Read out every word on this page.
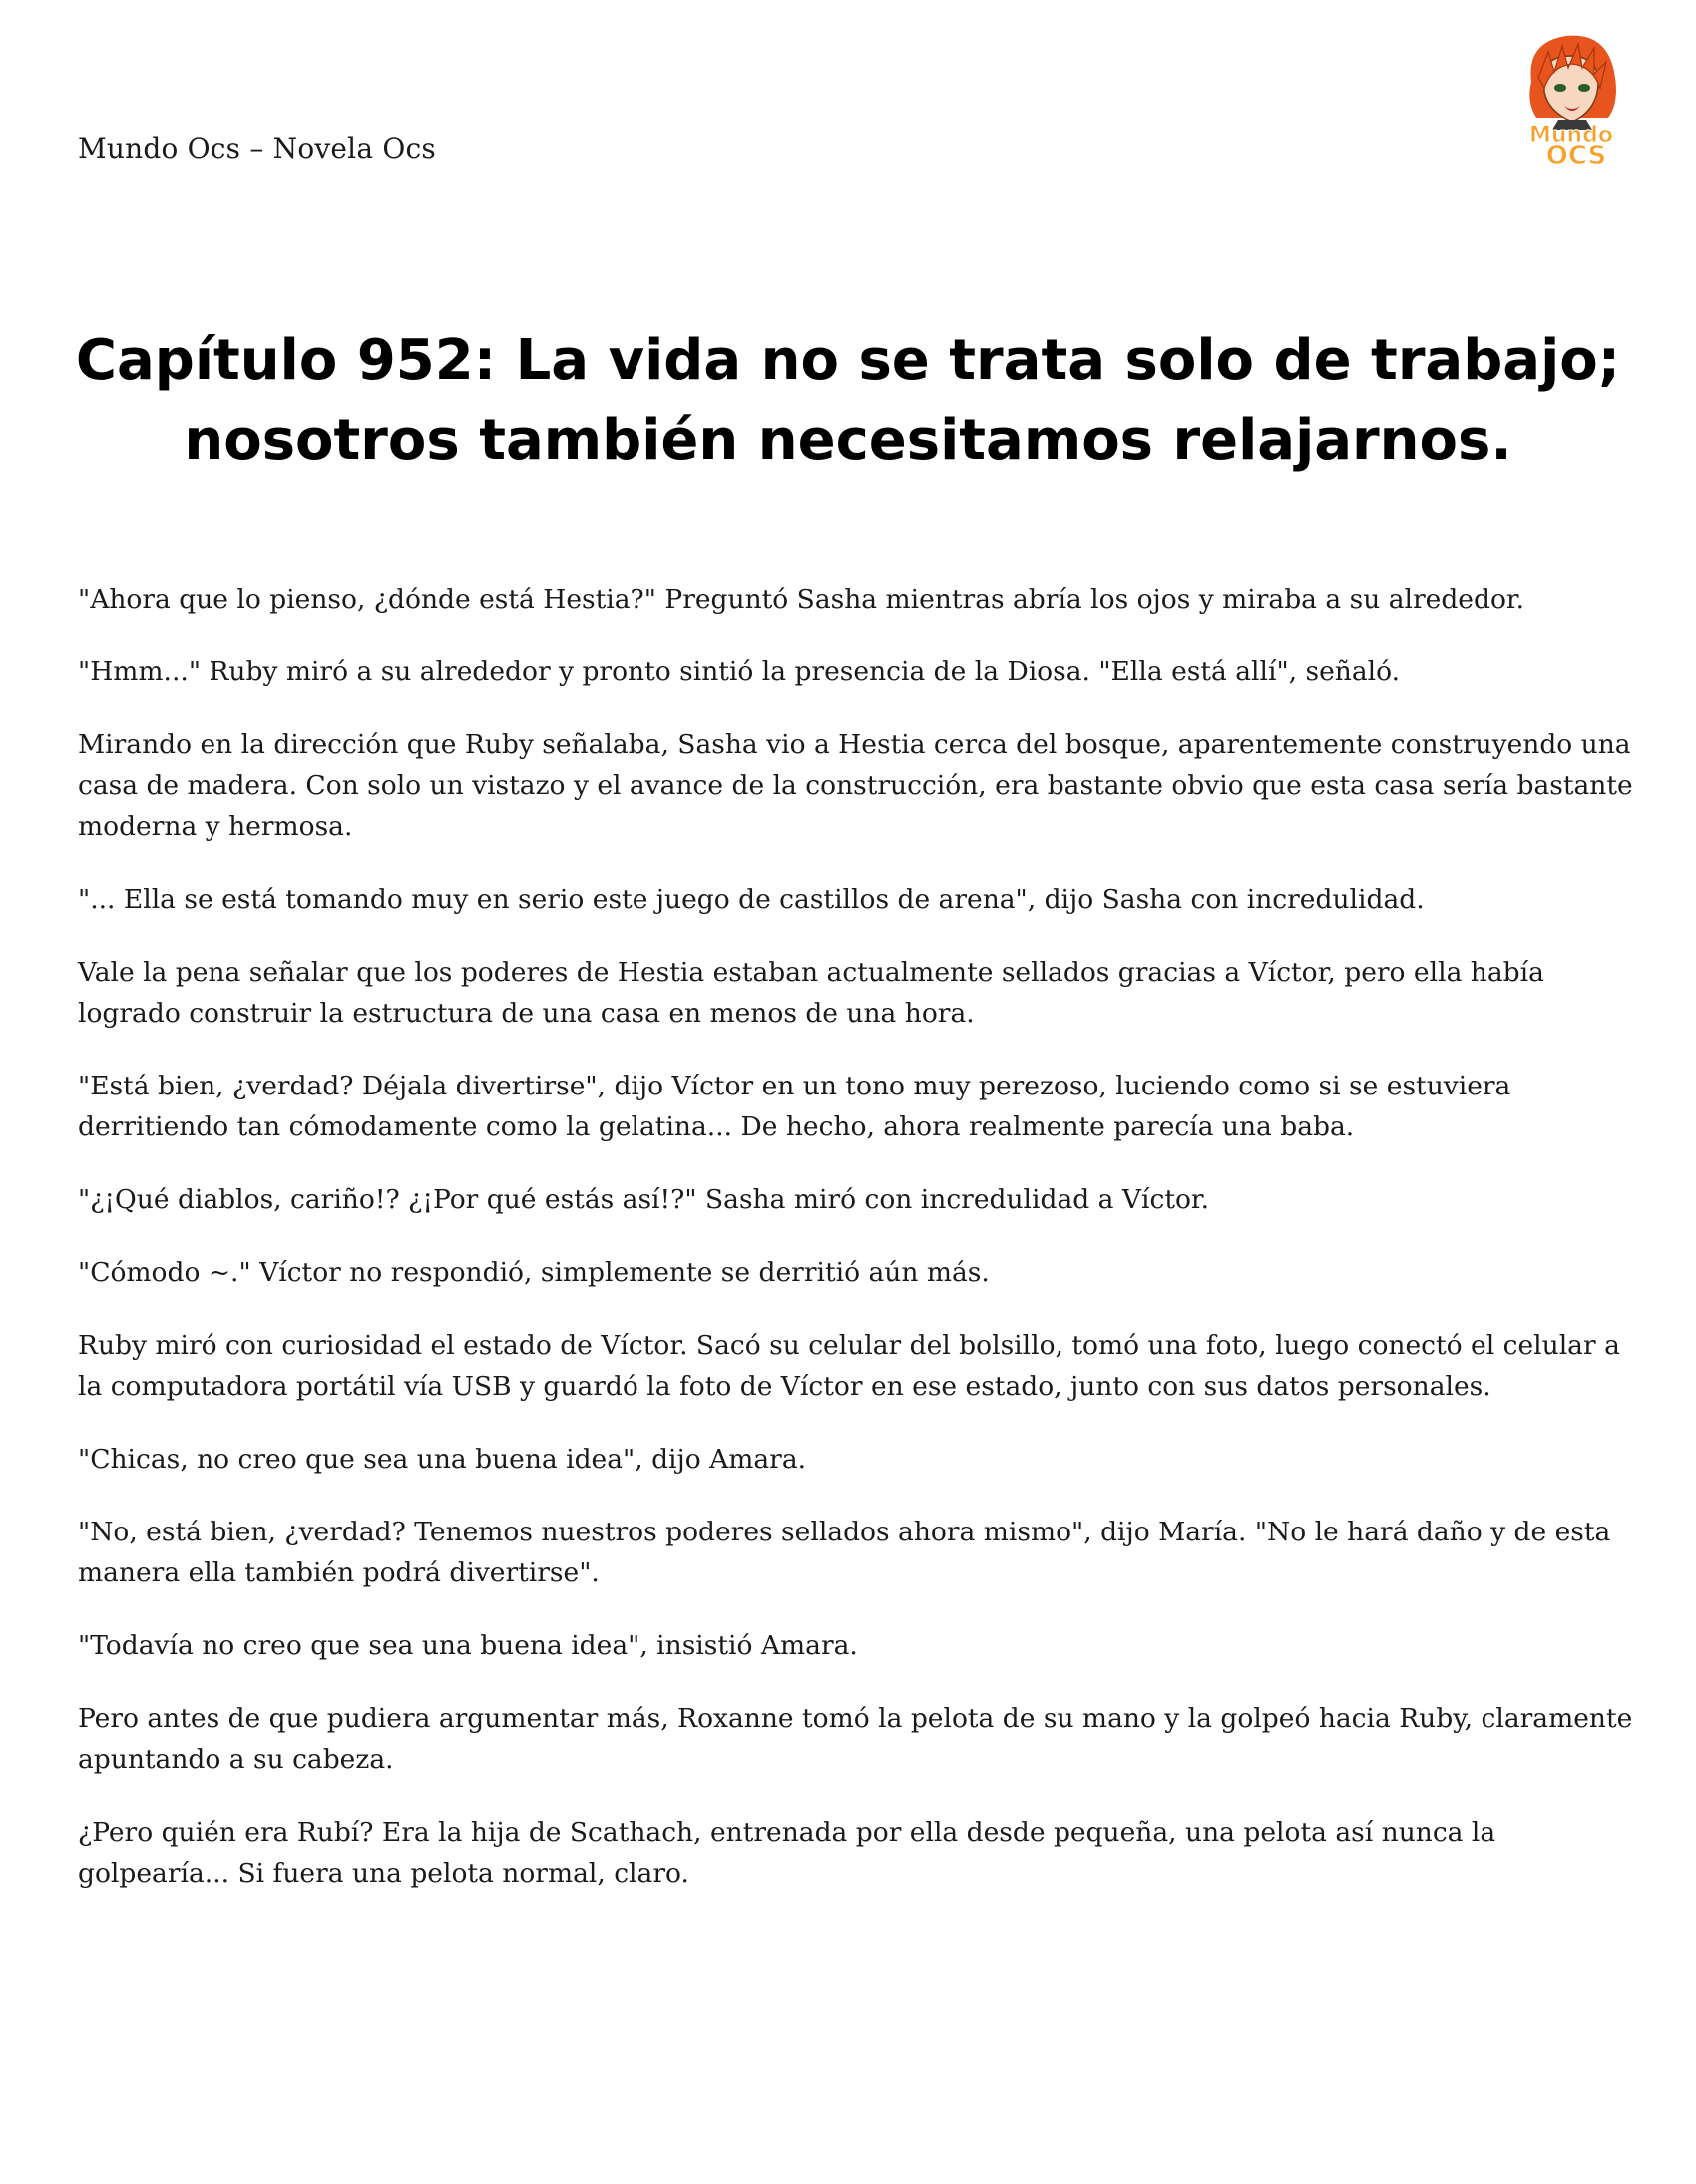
Mundo Ocs – Novela Ocs	Mundo
OCS
Capítulo 952: La vida no se trata solo de trabajo;
nosotros también necesitamos relajarnos.

"Ahora que lo pienso, ¿dónde está Hestia?" Preguntó Sasha mientras abría los ojos y miraba a su alrededor.

"Hmm..." Ruby miró a su alrededor y pronto sintió la presencia de la Diosa. "Ella está allí", señaló.

Mirando en la dirección que Ruby señalaba, Sasha vio a Hestia cerca del bosque, aparentemente construyendo una casa de madera. Con solo un vistazo y el avance de la construcción, era bastante obvio que esta casa sería bastante moderna y hermosa.

"... Ella se está tomando muy en serio este juego de castillos de arena", dijo Sasha con incredulidad.

Vale la pena señalar que los poderes de Hestia estaban actualmente sellados gracias a Víctor, pero ella había logrado construir la estructura de una casa en menos de una hora.

"Está bien, ¿verdad? Déjala divertirse", dijo Víctor en un tono muy perezoso, luciendo como si se estuviera derritiendo tan cómodamente como la gelatina... De hecho, ahora realmente parecía una baba.

"¿¡Qué diablos, cariño!? ¿¡Por qué estás así!?" Sasha miró con incredulidad a Víctor.

"Cómodo ~." Víctor no respondió, simplemente se derritió aún más.

Ruby miró con curiosidad el estado de Víctor. Sacó su celular del bolsillo, tomó una foto, luego conectó el celular a la computadora portátil vía USB y guardó la foto de Víctor en ese estado, junto con sus datos personales.

"Chicas, no creo que sea una buena idea", dijo Amara.

"No, está bien, ¿verdad? Tenemos nuestros poderes sellados ahora mismo", dijo María. "No le hará daño y de esta manera ella también podrá divertirse".

"Todavía no creo que sea una buena idea", insistió Amara.

Pero antes de que pudiera argumentar más, Roxanne tomó la pelota de su mano y la golpeó hacia Ruby, claramente apuntando a su cabeza.

¿Pero quién era Rubí? Era la hija de Scathach, entrenada por ella desde pequeña, una pelota así nunca la golpearía... Si fuera una pelota normal, claro.
